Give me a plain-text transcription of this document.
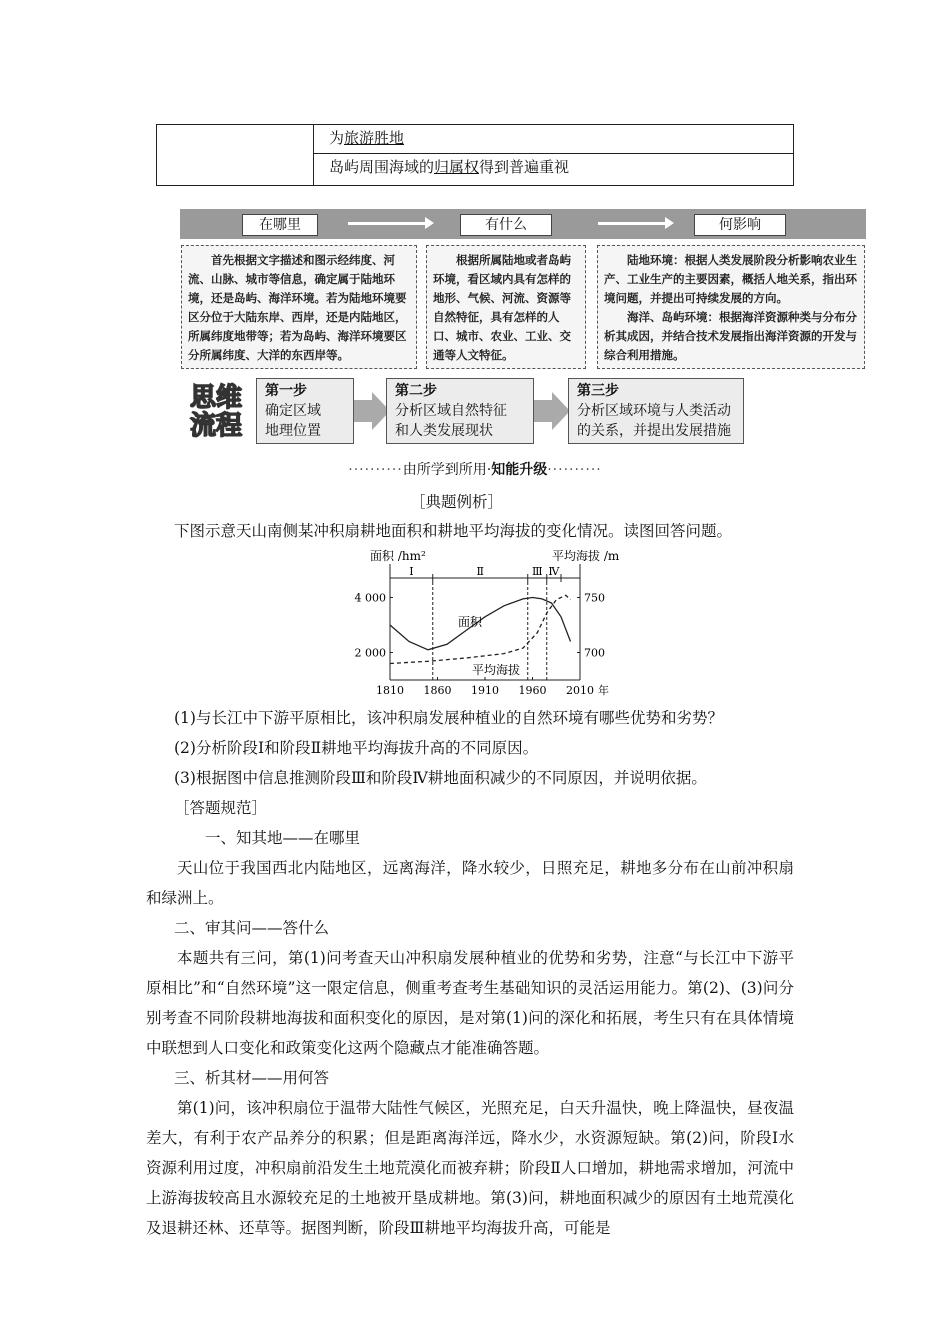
为旅游胜地
岛屿周围海域的归属权得到普遍重视
在哪里	有什么	何影响

首先根据文字描述和图示经纬度、河流、山脉、城市等信息，确定属于陆地环境，还是岛屿、海洋环境。若为陆地环境要区分位于大陆东岸、西岸，还是内陆地区，所属纬度地带等；若为岛屿、海洋环境要区分所属纬度、大洋的东西岸等。

根据所属陆地或者岛屿环境，看区域内具有怎样的地形、气候、河流、资源等自然特征，具有怎样的人口、城市、农业、工业、交通等人文特征。

陆地环境：根据人类发展阶段分析影响农业生产、工业生产的主要因素，概括人地关系，指出环境问题，并提出可持续发展的方向。

海洋、岛屿环境：根据海洋资源种类与分布分析其成因，并结合技术发展指出海洋资源的开发与综合利用措施。

思维
流程
第一步
确定区域
地理位置
第二步
分析区域自然特征
和人类发展现状
第三步
分析区域环境与人类活动
的关系，并提出发展措施
··········由所学到所用·知能升级··········
［典题例析］
下图示意天山南侧某冲积扇耕地面积和耕地平均海拔的变化情况。读图回答问题。
面积 /hm²	平均海拔 /m
1810 1860 1910 1960 2010 年
4 000
2 000
750
700
Ⅰ	Ⅱ	Ⅲ Ⅳ
面积
平均海拔

(1)与长江中下游平原相比，该冲积扇发展种植业的自然环境有哪些优势和劣势？

(2)分析阶段Ⅰ和阶段Ⅱ耕地平均海拔升高的不同原因。

(3)根据图中信息推测阶段Ⅲ和阶段Ⅳ耕地面积减少的不同原因，并说明依据。

［答题规范］

一、知其地——在哪里

天山位于我国西北内陆地区，远离海洋，降水较少，日照充足，耕地多分布在山前冲积扇和绿洲上。

二、审其问——答什么

本题共有三问，第(1)问考查天山冲积扇发展种植业的优势和劣势，注意“与长江中下游平原相比”和“自然环境”这一限定信息，侧重考查考生基础知识的灵活运用能力。第(2)、(3)问分别考查不同阶段耕地海拔和面积变化的原因，是对第(1)问的深化和拓展，考生只有在具体情境中联想到人口变化和政策变化这两个隐藏点才能准确答题。

三、析其材——用何答

第(1)问，该冲积扇位于温带大陆性气候区，光照充足，白天升温快，晚上降温快，昼夜温差大，有利于农产品养分的积累；但是距离海洋远，降水少，水资源短缺。第(2)问，阶段Ⅰ水资源利用过度，冲积扇前沿发生土地荒漠化而被弃耕；阶段Ⅱ人口增加，耕地需求增加，河流中上游海拔较高且水源较充足的土地被开垦成耕地。第(3)问，耕地面积减少的原因有土地荒漠化及退耕还林、还草等。据图判断，阶段Ⅲ耕地平均海拔升高，可能是
